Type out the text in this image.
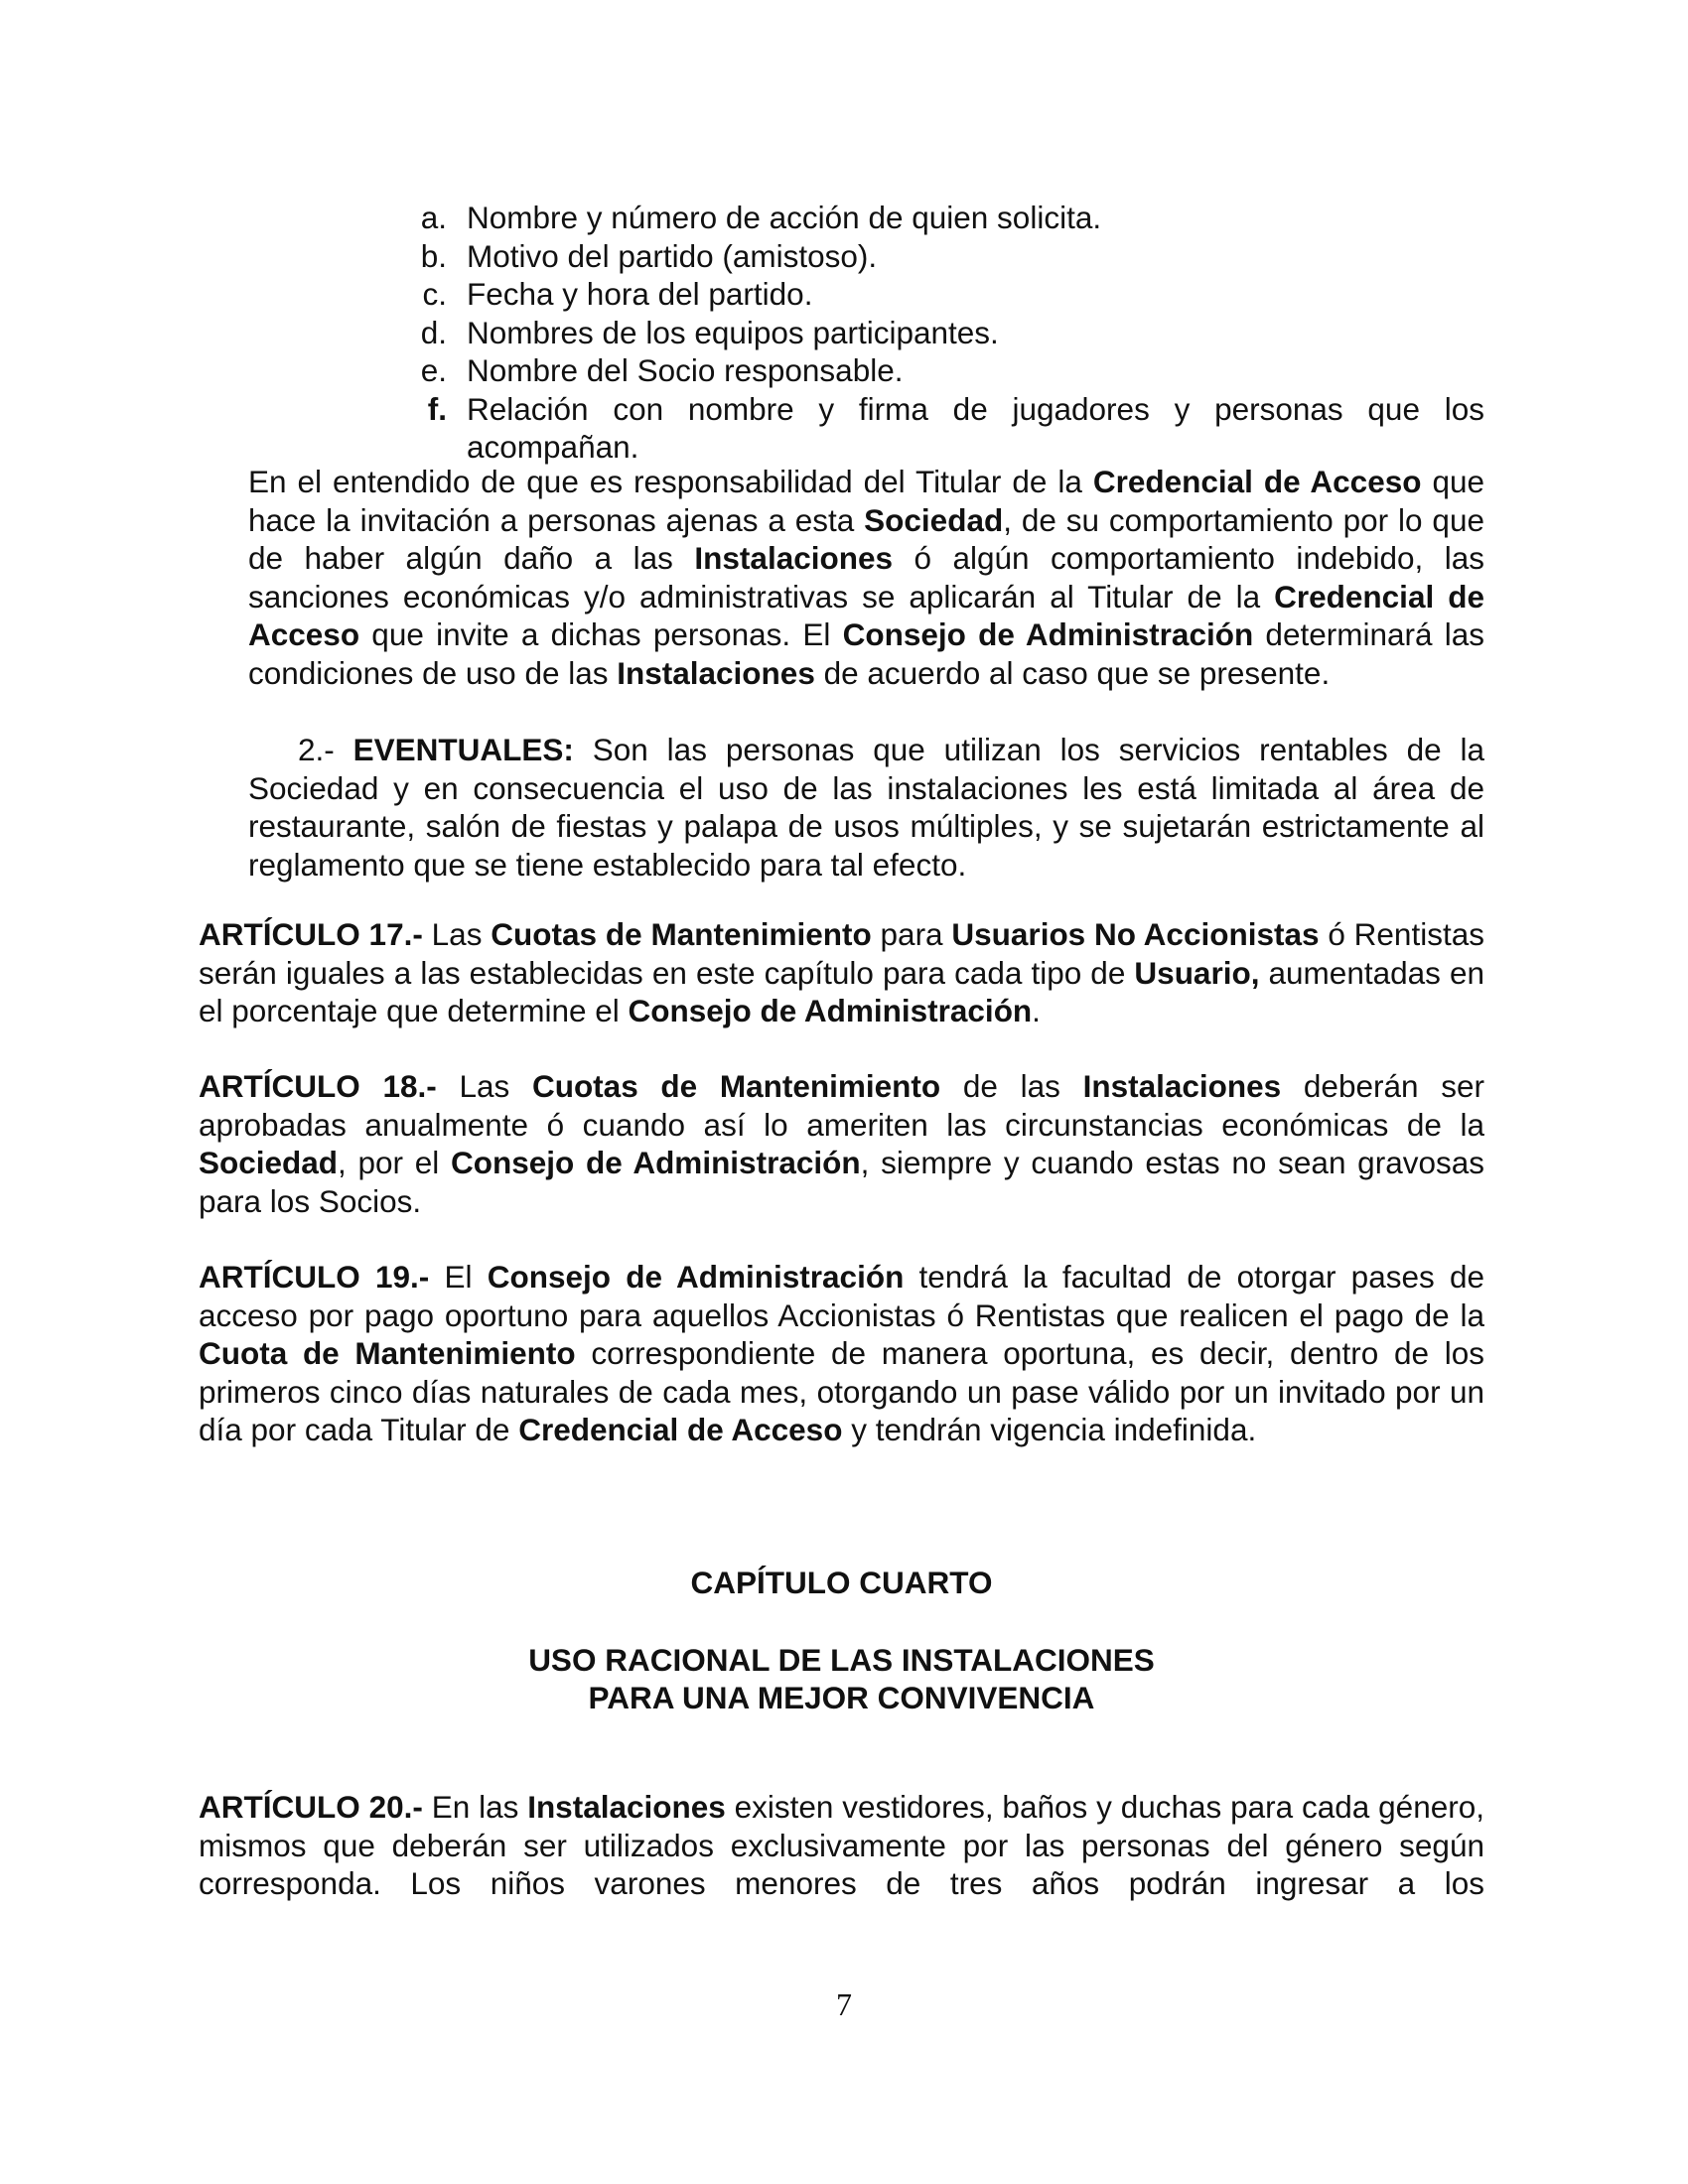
a. Nombre y número de acción de quien solicita.
b. Motivo del partido (amistoso).
c. Fecha y hora del partido.
d. Nombres de los equipos participantes.
e. Nombre del Socio responsable.
f. Relación con nombre y firma de jugadores y personas que los acompañan.
En el entendido de que es responsabilidad del Titular de la Credencial de Acceso que hace la invitación a personas ajenas a esta Sociedad, de su comportamiento por lo que de haber algún daño a las Instalaciones ó algún comportamiento indebido, las sanciones económicas y/o administrativas se aplicarán al Titular de la Credencial de Acceso que invite a dichas personas. El Consejo de Administración determinará las condiciones de uso de las Instalaciones de acuerdo al caso que se presente.
2.- EVENTUALES: Son las personas que utilizan los servicios rentables de la Sociedad y en consecuencia el uso de las instalaciones les está limitada al área de restaurante, salón de fiestas y palapa de usos múltiples, y se sujetarán estrictamente al reglamento que se tiene establecido para tal efecto.
ARTÍCULO 17.- Las Cuotas de Mantenimiento para Usuarios No Accionistas ó Rentistas serán iguales a las establecidas en este capítulo para cada tipo de Usuario, aumentadas en el porcentaje que determine el Consejo de Administración.
ARTÍCULO 18.- Las Cuotas de Mantenimiento de las Instalaciones deberán ser aprobadas anualmente ó cuando así lo ameriten las circunstancias económicas de la Sociedad, por el Consejo de Administración, siempre y cuando estas no sean gravosas para los Socios.
ARTÍCULO 19.- El Consejo de Administración tendrá la facultad de otorgar pases de acceso por pago oportuno para aquellos Accionistas ó Rentistas que realicen el pago de la Cuota de Mantenimiento correspondiente de manera oportuna, es decir, dentro de los primeros cinco días naturales de cada mes, otorgando un pase válido por un invitado por un día por cada Titular de Credencial de Acceso y tendrán vigencia indefinida.
CAPÍTULO CUARTO
USO RACIONAL DE LAS INSTALACIONES
PARA UNA MEJOR CONVIVENCIA
ARTÍCULO 20.- En las Instalaciones existen vestidores, baños y duchas para cada género, mismos que deberán ser utilizados exclusivamente por las personas del género según corresponda. Los niños varones menores de tres años podrán ingresar a los
7
